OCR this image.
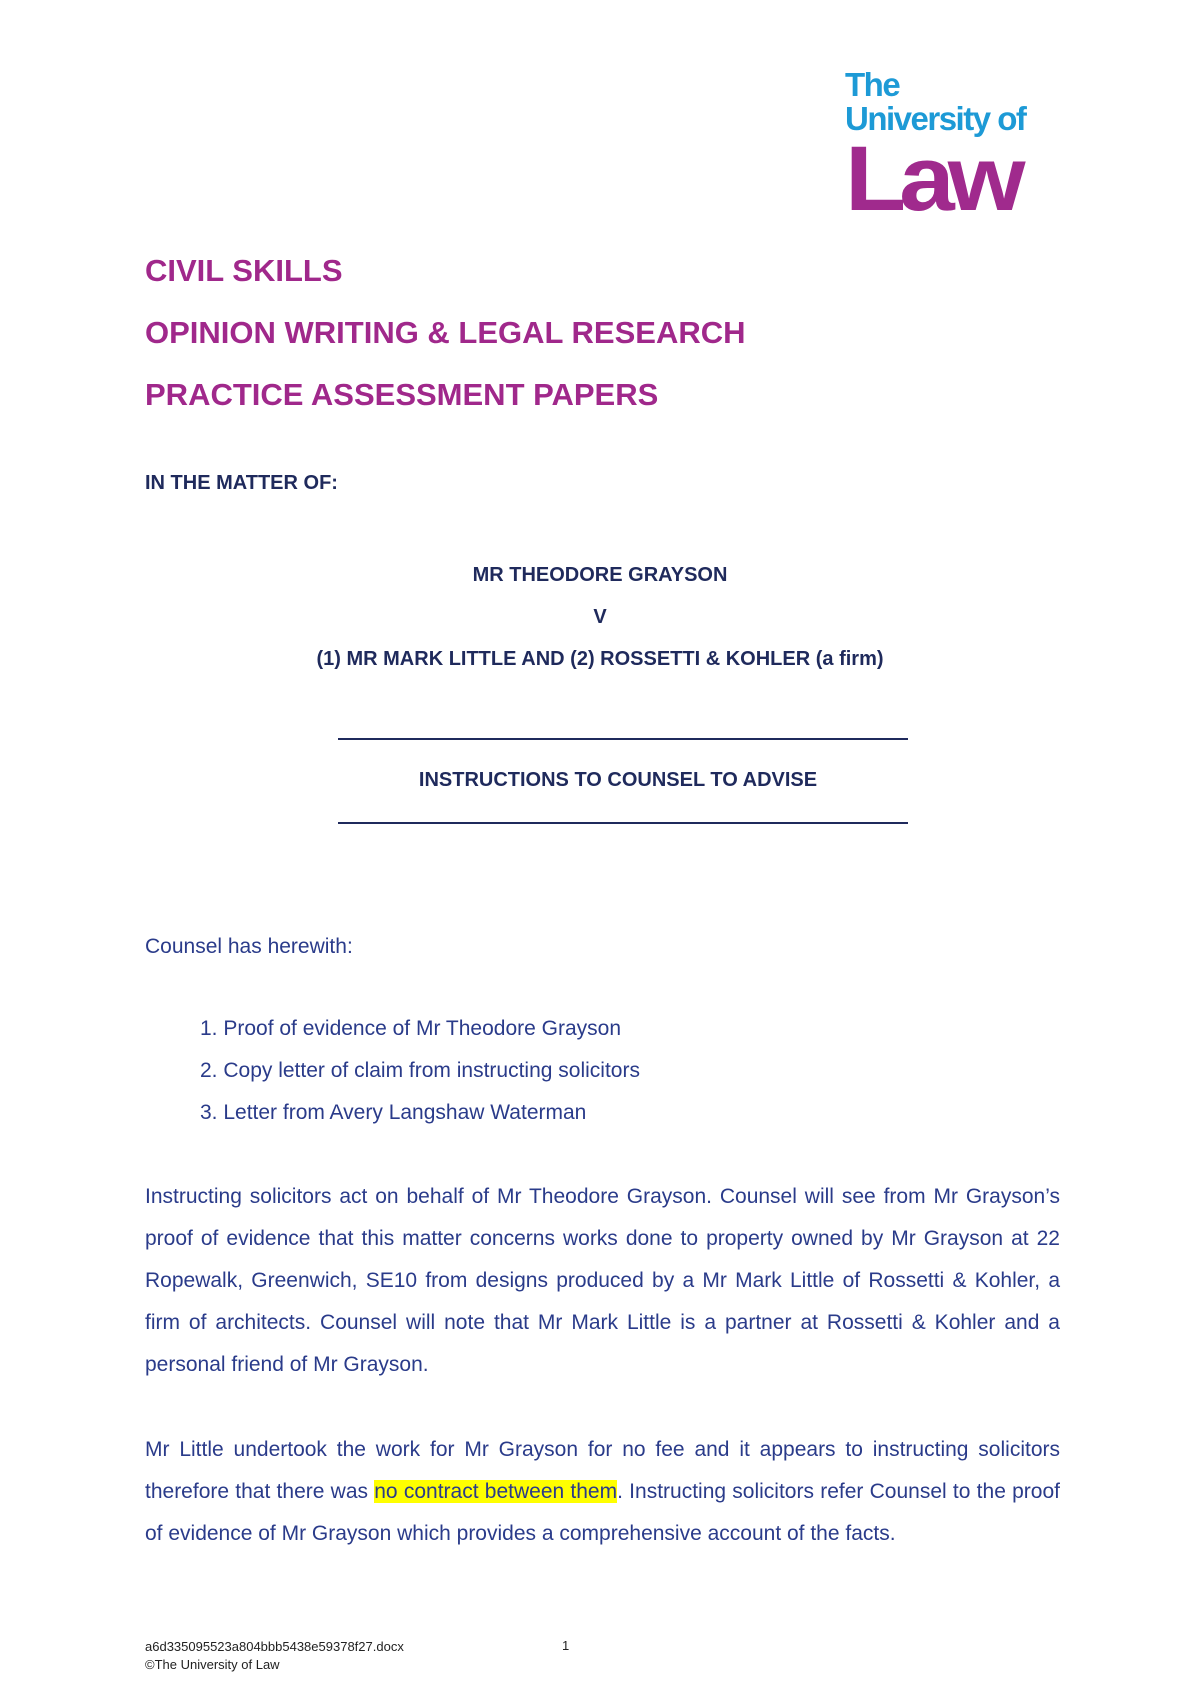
The
University of
Law

CIVIL SKILLS

OPINION WRITING & LEGAL RESEARCH

PRACTICE ASSESSMENT PAPERS

IN THE MATTER OF:
MR THEODORE GRAYSON
V
(1) MR MARK LITTLE AND (2) ROSSETTI & KOHLER (a firm)
INSTRUCTIONS TO COUNSEL TO ADVISE
Counsel has herewith:
1. Proof of evidence of Mr Theodore Grayson
2. Copy letter of claim from instructing solicitors
3. Letter from Avery Langshaw Waterman
Instructing solicitors act on behalf of Mr Theodore Grayson. Counsel will see from Mr Grayson’s proof of evidence that this matter concerns works done to property owned by Mr Grayson at 22 Ropewalk, Greenwich, SE10 from designs produced by a Mr Mark Little of Rossetti & Kohler, a firm of architects. Counsel will note that Mr Mark Little is a partner at Rossetti & Kohler and a personal friend of Mr Grayson.
Mr Little undertook the work for Mr Grayson for no fee and it appears to instructing solicitors therefore that there was no contract between them. Instructing solicitors refer Counsel to the proof of evidence of Mr Grayson which provides a comprehensive account of the facts.
a6d335095523a804bbb5438e59378f27.docx
©The University of Law
1
